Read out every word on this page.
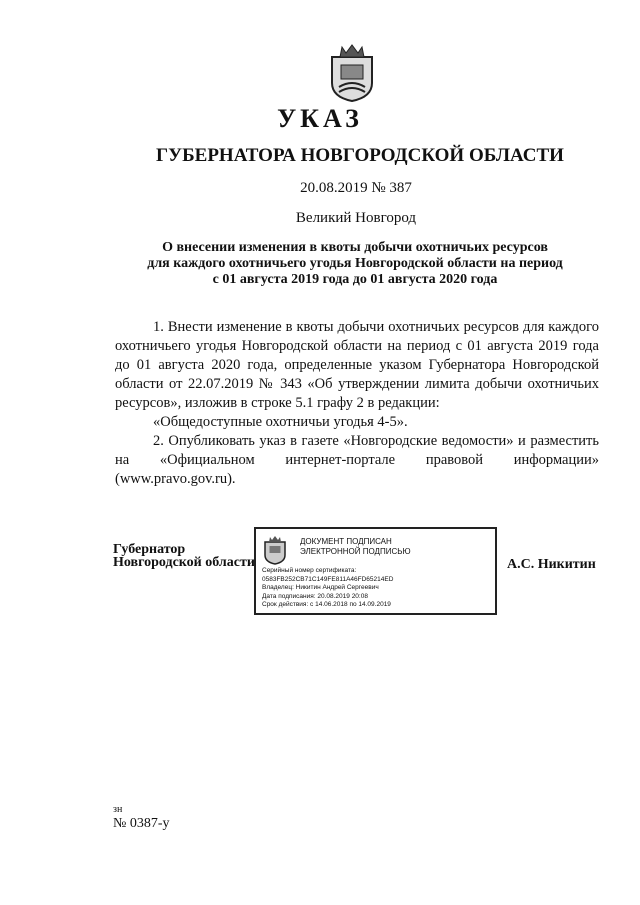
УКАЗ
ГУБЕРНАТОРА НОВГОРОДСКОЙ ОБЛАСТИ
20.08.2019 № 387
Великий Новгород
О внесении изменения в квоты добычи охотничьих ресурсов
для каждого охотничьего угодья Новгородской области на период
с 01 августа 2019 года до 01 августа 2020 года

1. Внести изменение в квоты добычи охотничьих ресурсов для каждого охотничьего угодья Новгородской области на период с 01 августа 2019 года до 01 августа 2020 года, определенные указом Губернатора Новгородской области от 22.07.2019 № 343 «Об утверждении лимита добычи охотничьих ресурсов», изложив в строке 5.1 графу 2 в редакции:

«Общедоступные охотничьи угодья 4-5».

2. Опубликовать указ в газете «Новгородские ведомости» и разместить на «Официальном интернет-портале правовой информации» (www.pravo.gov.ru).

Губернатор
Новгородской области
ДОКУМЕНТ ПОДПИСАН
ЭЛЕКТРОННОЙ ПОДПИСЬЮ
Серийный номер сертификата:
0583FB252CB71C149FE811A46FD65214ED
Владелец: Никитин Андрей Сергеевич
Дата подписания: 20.08.2019 20:08
Срок действия: с 14.06.2018 по 14.09.2019
А.С. Никитин
зн
№ 0387-у
